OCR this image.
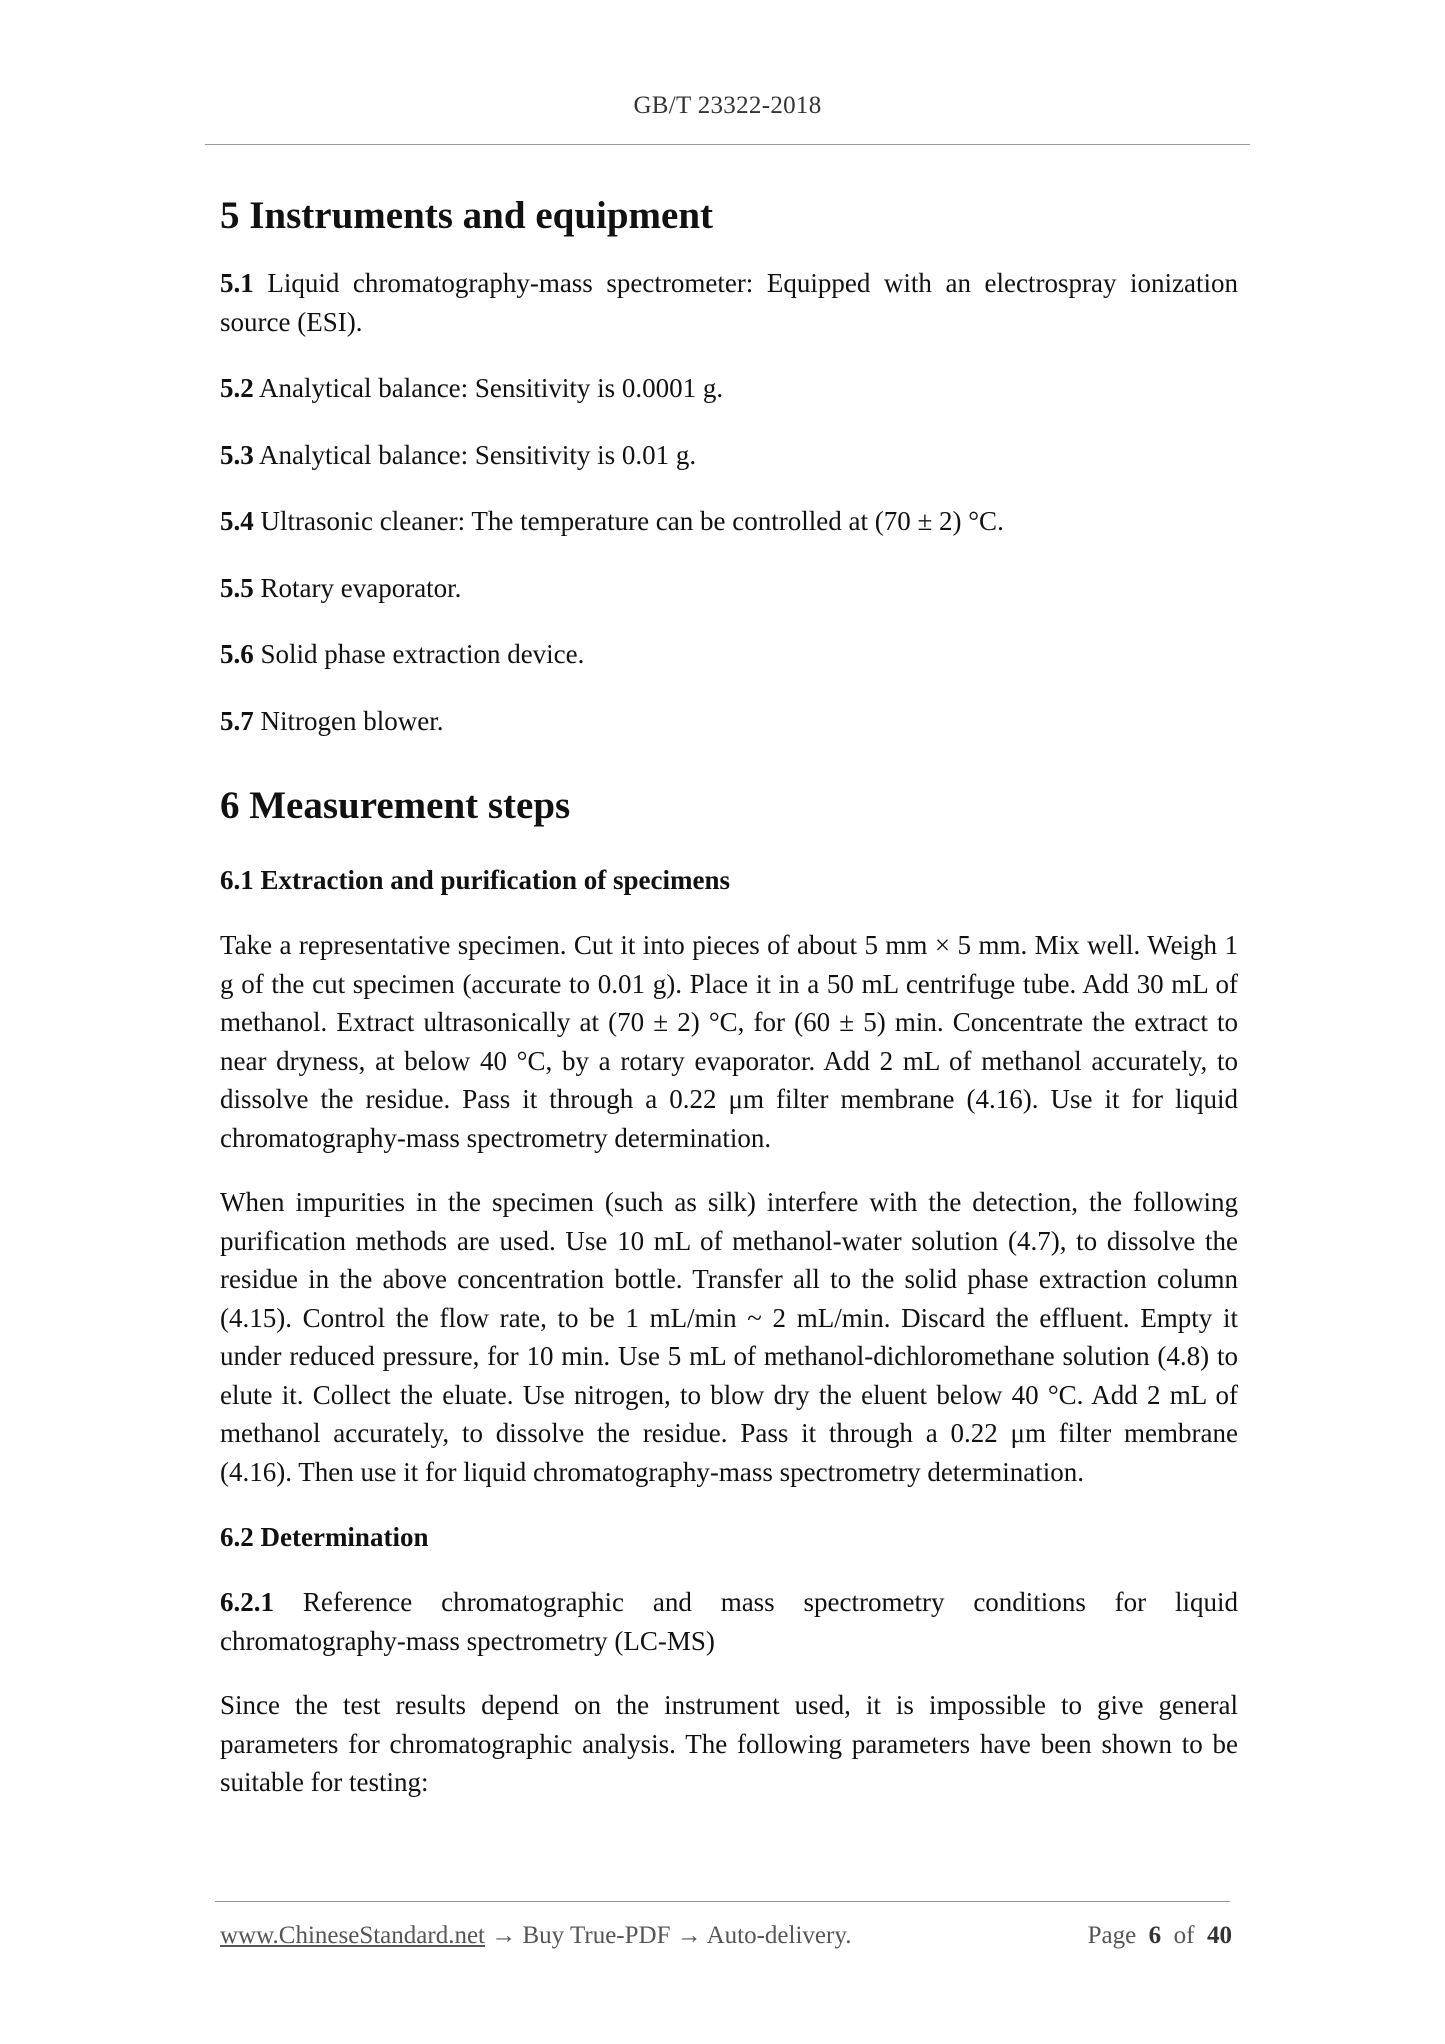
GB/T 23322-2018
5 Instruments and equipment

5.1 Liquid chromatography-mass spectrometer: Equipped with an electrospray ionization source (ESI).

5.2 Analytical balance: Sensitivity is 0.0001 g.

5.3 Analytical balance: Sensitivity is 0.01 g.

5.4 Ultrasonic cleaner: The temperature can be controlled at (70 ± 2) °C.

5.5 Rotary evaporator.

5.6 Solid phase extraction device.

5.7 Nitrogen blower.

6 Measurement steps
6.1 Extraction and purification of specimens

Take a representative specimen. Cut it into pieces of about 5 mm × 5 mm. Mix well. Weigh 1 g of the cut specimen (accurate to 0.01 g). Place it in a 50 mL centrifuge tube. Add 30 mL of methanol. Extract ultrasonically at (70 ± 2) °C, for (60 ± 5) min. Concentrate the extract to near dryness, at below 40 °C, by a rotary evaporator. Add 2 mL of methanol accurately, to dissolve the residue. Pass it through a 0.22 μm filter membrane (4.16). Use it for liquid chromatography-mass spectrometry determination.

When impurities in the specimen (such as silk) interfere with the detection, the following purification methods are used. Use 10 mL of methanol-water solution (4.7), to dissolve the residue in the above concentration bottle. Transfer all to the solid phase extraction column (4.15). Control the flow rate, to be 1 mL/min ~ 2 mL/min. Discard the effluent. Empty it under reduced pressure, for 10 min. Use 5 mL of methanol-dichloromethane solution (4.8) to elute it. Collect the eluate. Use nitrogen, to blow dry the eluent below 40 °C. Add 2 mL of methanol accurately, to dissolve the residue. Pass it through a 0.22 μm filter membrane (4.16). Then use it for liquid chromatography-mass spectrometry determination.

6.2 Determination

6.2.1 Reference chromatographic and mass spectrometry conditions for liquid chromatography-mass spectrometry (LC-MS)

Since the test results depend on the instrument used, it is impossible to give general parameters for chromatographic analysis. The following parameters have been shown to be suitable for testing:

www.ChineseStandard.net → Buy True-PDF → Auto-delivery.	Page 6 of 40
